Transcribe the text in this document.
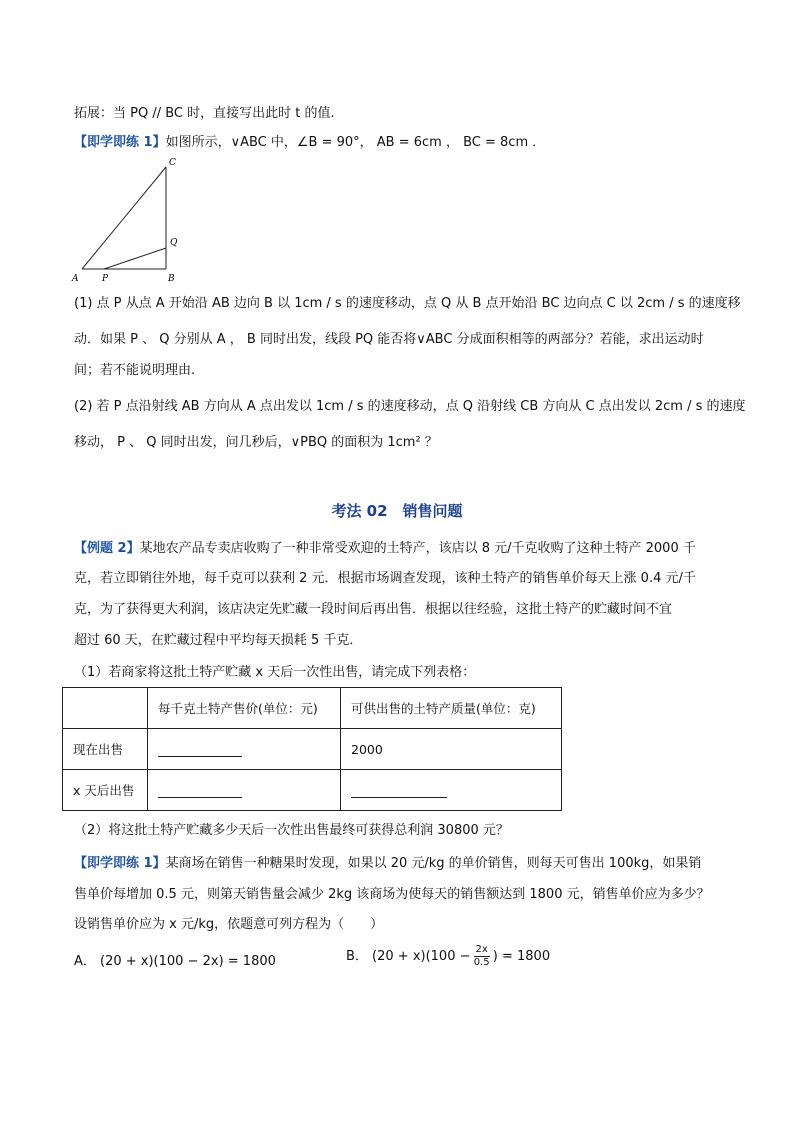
拓展：当 PQ // BC 时，直接写出此时 t 的值.
【即学即练 1】如图所示，∨ABC 中，∠B = 90°， AB = 6cm ， BC = 8cm ．
C
Q
A	P	B
(1) 点 P 从点 A 开始沿 AB 边向 B 以 1cm / s 的速度移动，点 Q 从 B 点开始沿 BC 边向点 C 以 2cm / s 的速度移
动．如果 P 、 Q 分别从 A ， B 同时出发，线段 PQ 能否将∨ABC 分成面积相等的两部分？若能，求出运动时
间；若不能说明理由.
(2) 若 P 点沿射线 AB 方向从 A 点出发以 1cm / s 的速度移动，点 Q 沿射线 CB 方向从 C 点出发以 2cm / s 的速度
移动， P 、 Q 同时出发，问几秒后，∨PBQ 的面积为 1cm² ？
考法 02　销售问题
【例题 2】某地农产品专卖店收购了一种非常受欢迎的土特产，该店以 8 元/千克收购了这种土特产 2000 千
克，若立即销往外地，每千克可以获利 2 元．根据市场调查发现，该种土特产的销售单价每天上涨 0.4 元/千
克，为了获得更大利润，该店决定先贮藏一段时间后再出售．根据以往经验，这批土特产的贮藏时间不宜
超过 60 天，在贮藏过程中平均每天损耗 5 千克．
（1）若商家将这批土特产贮藏 x 天后一次性出售，请完成下列表格：
	每千克土特产售价(单位：元)	可供出售的土特产质量(单位：克)
现在出售		2000
x 天后出售		
（2）将这批土特产贮藏多少天后一次性出售最终可获得总利润 30800 元？
【即学即练 1】某商场在销售一种糖果时发现，如果以 20 元/kg 的单价销售，则每天可售出 100kg，如果销
售单价每增加 0.5 元，则第天销售量会减少 2kg 该商场为使每天的销售额达到 1800 元，销售单价应为多少？
设销售单价应为 x 元/kg，依题意可列方程为（　　）
A． (20 + x)(100 − 2x) = 1800	B． $(20 + x)(100 - \frac{2x}{0.5}$ ) = 1800
